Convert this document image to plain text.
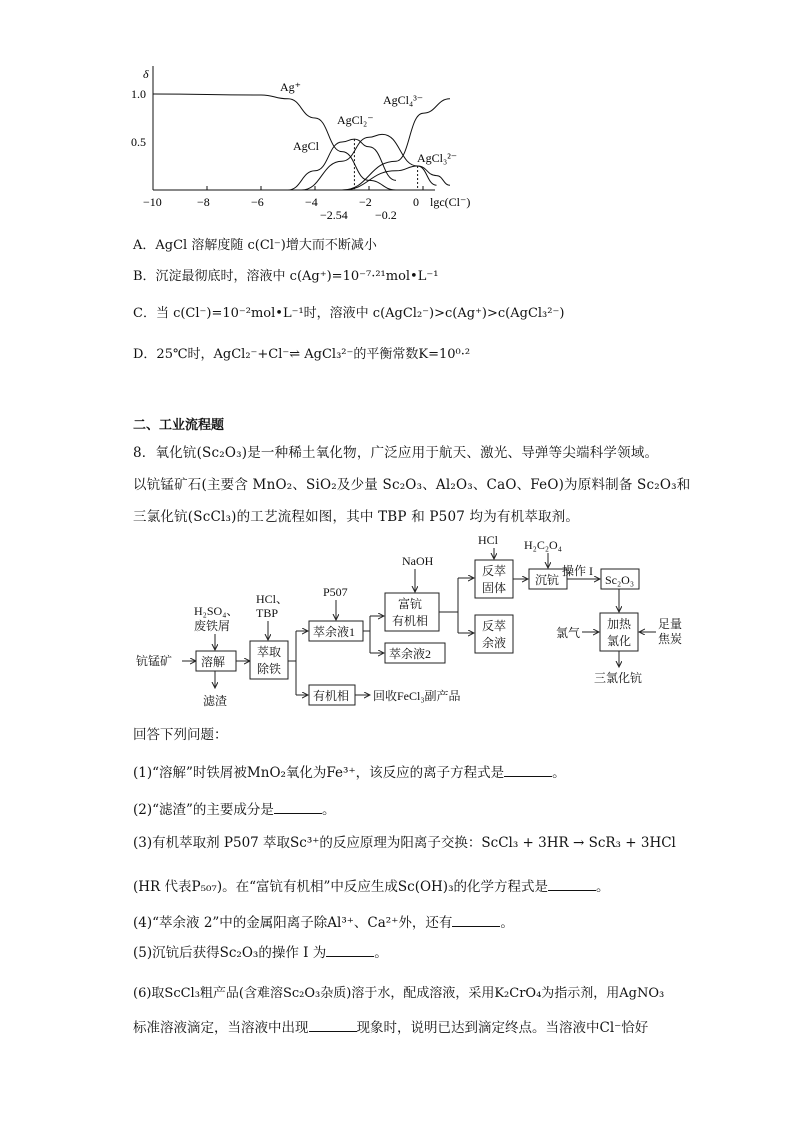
δ
lgc(Cl⁻)
1.0
0.5
−10	−8	−6	−4	−2	0
−2.54 −0.2
Ag⁺
AgCl
AgCl₂⁻
AgCl₃²⁻
AgCl₄³⁻
A．AgCl 溶解度随 c(Cl⁻)增大而不断减小
B．沉淀最彻底时，溶液中 c(Ag⁺)=10⁻⁷·²¹mol•L⁻¹
C．当 c(Cl⁻)=10⁻²mol•L⁻¹时，溶液中 c(AgCl₂⁻)>c(Ag⁺)>c(AgCl₃²⁻)
D．25℃时，AgCl₂⁻+Cl⁻⇌ AgCl₃²⁻的平衡常数K=10⁰·²
二、工业流程题
8．氧化钪(Sc₂O₃)是一种稀土氧化物，广泛应用于航天、激光、导弹等尖端科学领域。
以钪锰矿石(主要含 MnO₂、SiO₂及少量 Sc₂O₃、Al₂O₃、CaO、FeO)为原料制备 Sc₂O₃和
三氯化钪(ScCl₃)的工艺流程如图，其中 TBP 和 P507 均为有机萃取剂。
钪锰矿
H₂SO₄、
废铁屑
溶解
滤渣
HCl、
TBP
萃取
除铁
萃余液1
有机相 回收FeCl₃副产品
P507
富钪
有机相
萃余液2
NaOH
反萃
固体
反萃
余液
HCl
沉钪
H₂C₂O₄
操作 I
Sc₂O₃
加热
氯化
氯气
足量
焦炭
三氯化钪
回答下列问题：
(1)“溶解”时铁屑被MnO₂氧化为Fe³⁺，该反应的离子方程式是	。
(2)“滤渣”的主要成分是	。
(3)有机萃取剂 P507 萃取Sc³⁺的反应原理为阳离子交换：ScCl₃ + 3HR → ScR₃ + 3HCl
(HR 代表P₅₀₇)。在“富钪有机相”中反应生成Sc(OH)₃的化学方程式是	。
(4)“萃余液 2”中的金属阳离子除Al³⁺、Ca²⁺外，还有	。
(5)沉钪后获得Sc₂O₃的操作 I 为	。
(6)取ScCl₃粗产品(含难溶Sc₂O₃杂质)溶于水，配成溶液，采用K₂CrO₄为指示剂，用AgNO₃
标准溶液滴定，当溶液中出现	现象时，说明已达到滴定终点。当溶液中Cl⁻恰好
